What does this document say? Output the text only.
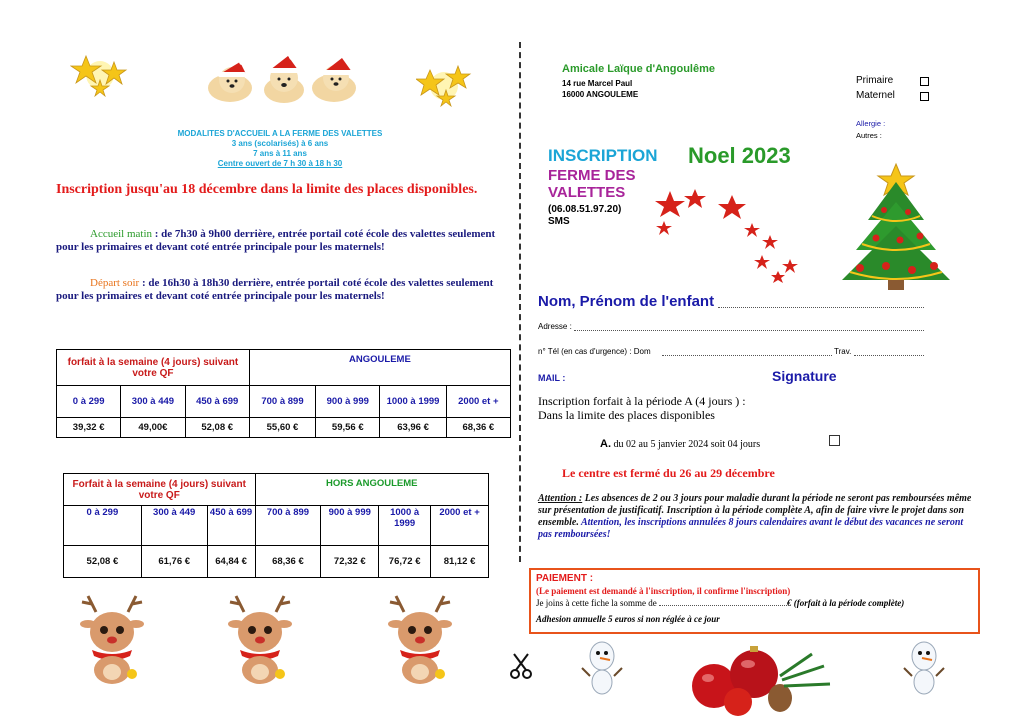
MODALITES D'ACCUEIL A LA FERME DES VALETTES
3 ans (scolarisés) à 6 ans
7 ans à 11 ans
Centre ouvert de 7 h 30 à 18 h 30
Inscription jusqu'au 18 décembre dans la limite des places disponibles.
Accueil matin : de 7h30 à 9h00 derrière, entrée portail coté école des valettes seulement pour les primaires et devant coté entrée principale pour les maternels!
Départ soir : de 16h30 à 18h30 derrière, entrée portail coté école des valettes seulement pour les primaires et devant coté entrée principale pour les maternels!
forfait à la semaine (4 jours) suivant votre QF			ANGOULEME			
0 à 299	300 à 449	450 à 699	700 à 899	900 à 999	1000 à 1999	2000 et +
39,32 €	49,00€	52,08 €	55,60 €	59,56 €	63,96 €	68,36 €
Forfait à la semaine (4 jours) suivant votre QF			HORS ANGOULEME			
0 à 299	300 à 449	450 à 699	700 à 899	900 à 999	1000 à 1999	2000 et +
52,08 €	61,76 €	64,84 €	68,36 €	72,32 €	76,72 €	81,12 €
Amicale Laïque d'Angoulême
14 rue Marcel Paul
16000 ANGOULEME
Primaire
Maternel
Allergie :
Autres :
INSCRIPTION Noel 2023
FERME DES
VALETTES
(06.08.51.97.20)
SMS
Nom, Prénom de l'enfant
Adresse :
n° Tél (en cas d'urgence) : Dom	Trav.
MAIL :	Signature
Inscription forfait à la période A (4 jours ) :
Dans la limite des places disponibles
A. du 02 au 5 janvier 2024 soit 04 jours
Le centre est fermé du 26 au 29 décembre
Attention : Les absences de 2 ou 3 jours pour maladie durant la période ne seront pas remboursées même sur présentation de justificatif. Inscription à la période complète A, afin de faire vivre le projet dans son ensemble. Attention, les inscriptions annulées 8 jours calendaires avant le début des vacances ne seront pas remboursées!
PAIEMENT :
(Le paiement est demandé à l'inscription, il confirme l'inscription)
Je joins à cette fiche la somme de	€ (forfait à la période complète)
Adhesion annuelle 5 euros si non réglée à ce jour
